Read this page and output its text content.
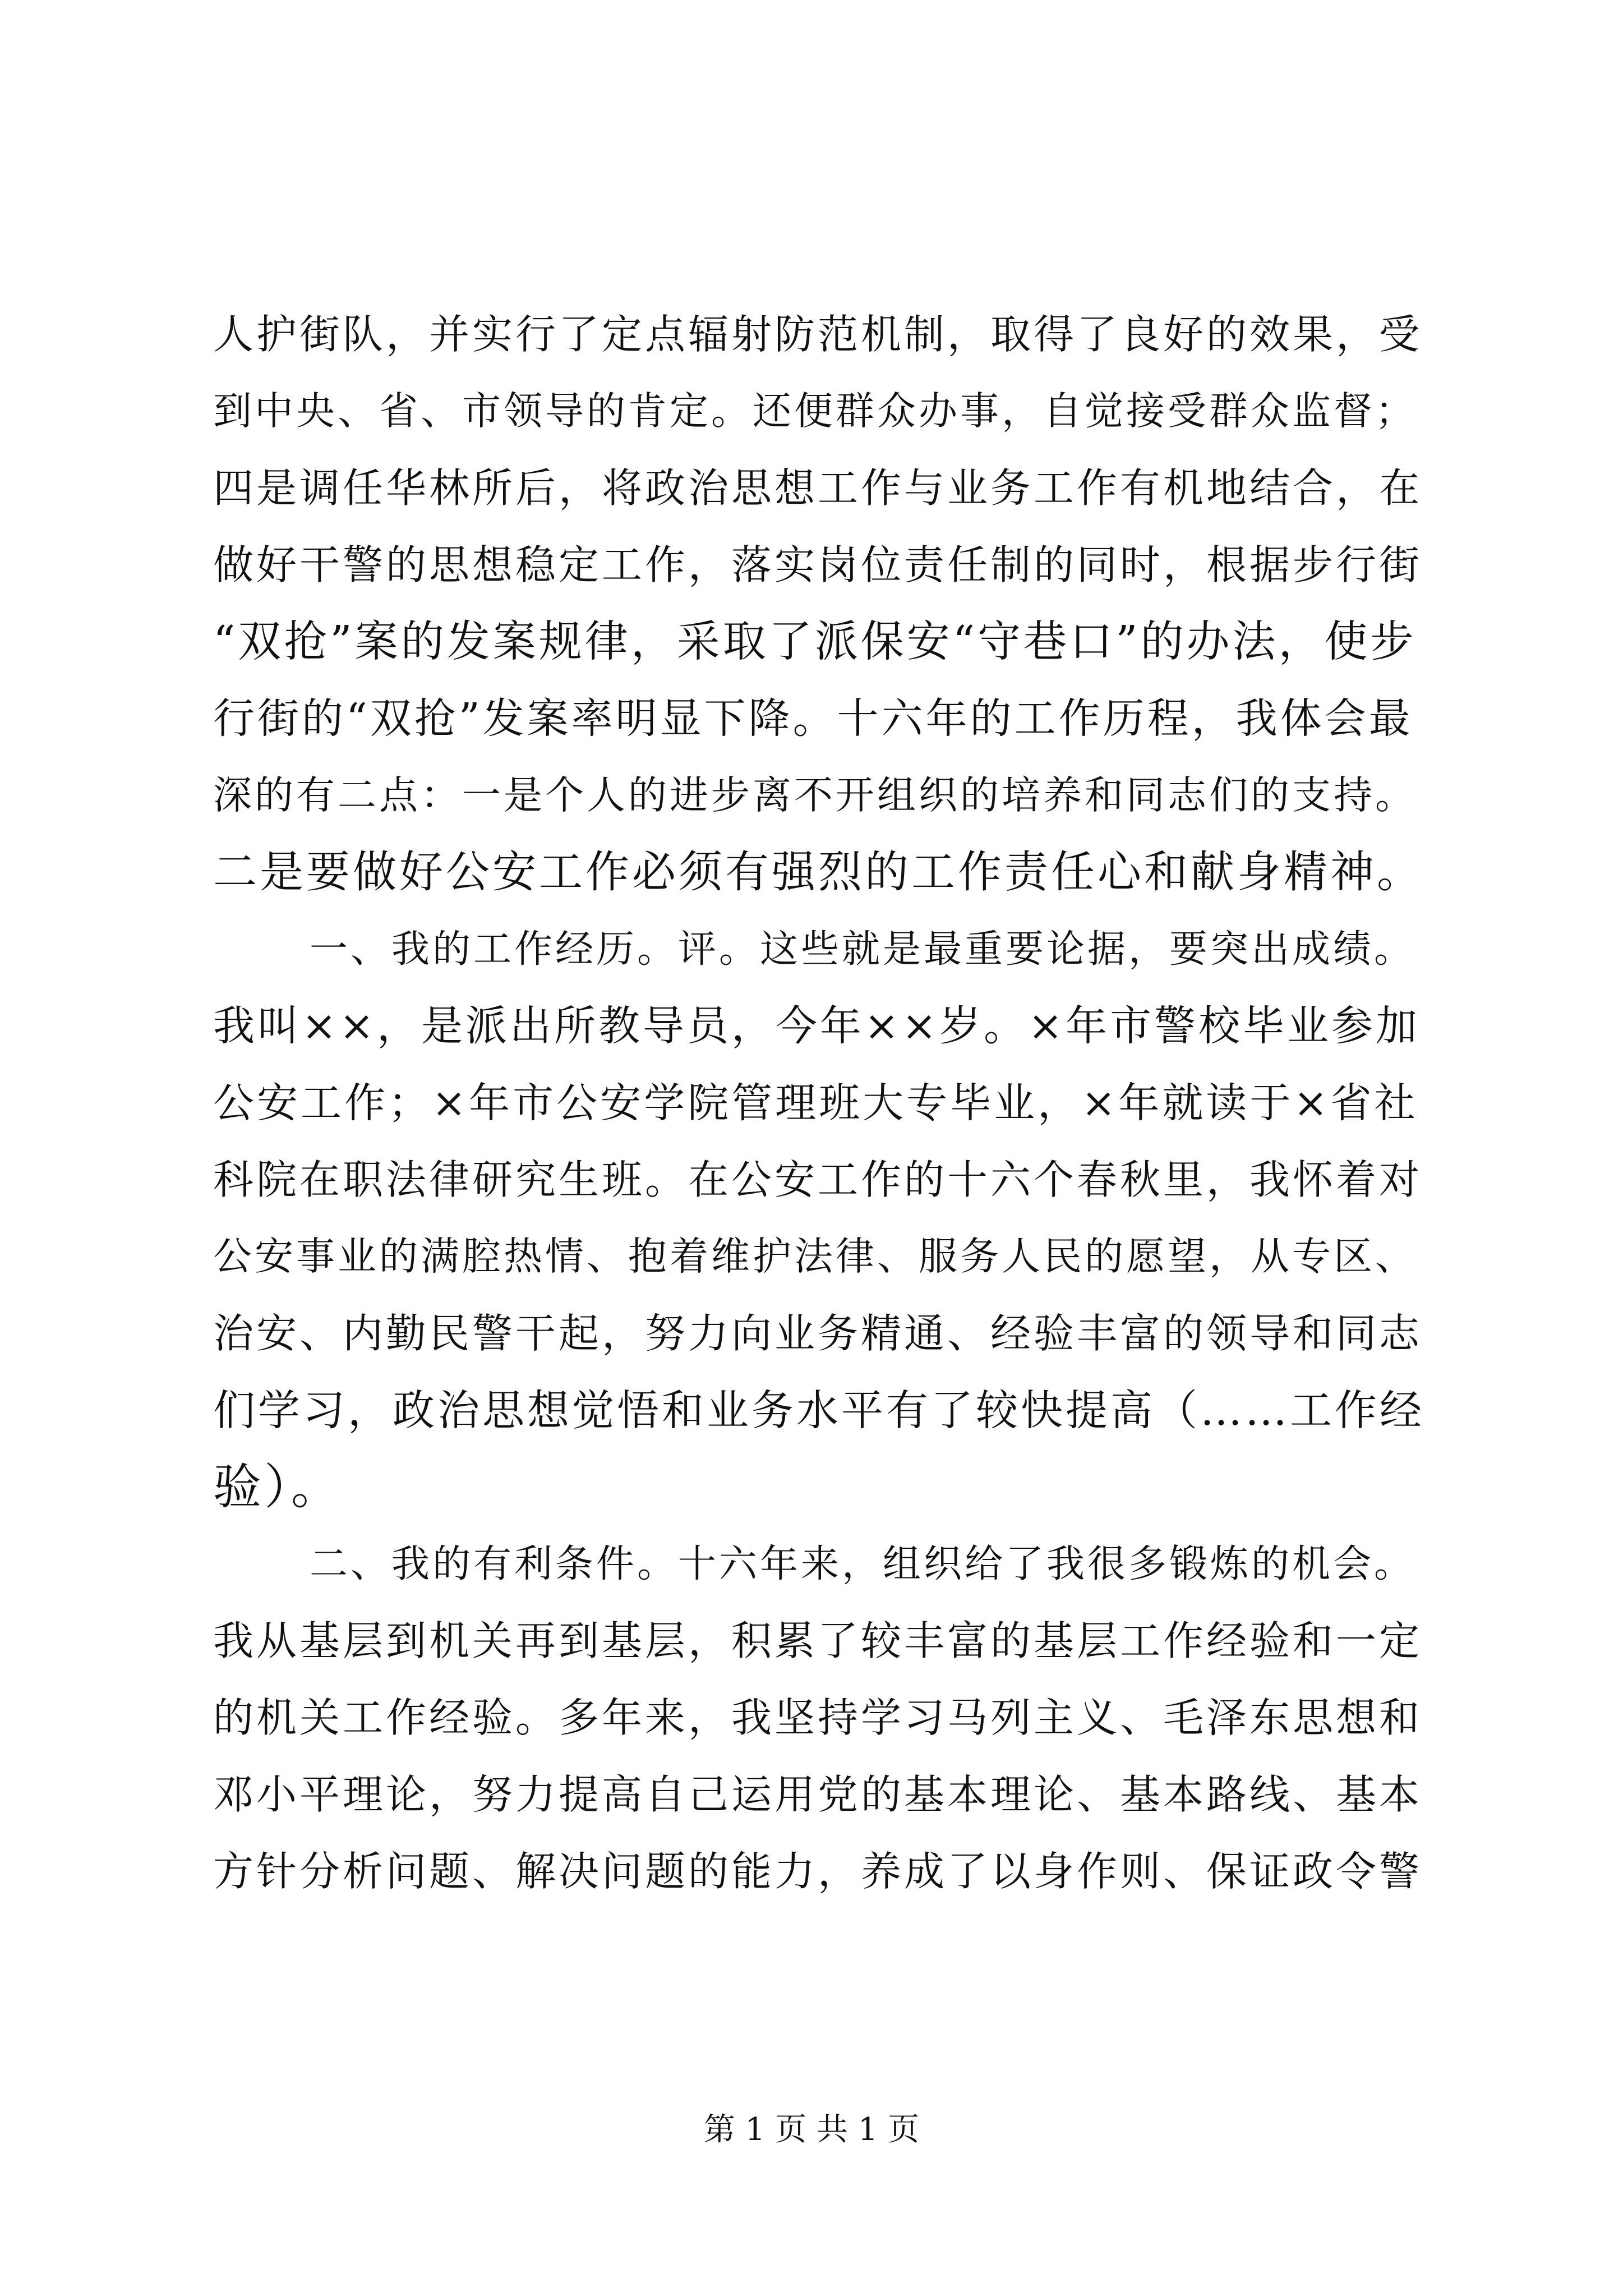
人护街队，并实行了定点辐射防范机制，取得了良好的效果，受
到中央、省、市领导的肯定。还便群众办事，自觉接受群众监督；
四是调任华林所后，将政治思想工作与业务工作有机地结合，在
做好干警的思想稳定工作，落实岗位责任制的同时，根据步行街
“双抢”案的发案规律，采取了派保安“守巷口”的办法，使步
行街的“双抢”发案率明显下降。十六年的工作历程，我体会最
深的有二点：一是个人的进步离不开组织的培养和同志们的支持。
二是要做好公安工作必须有强烈的工作责任心和献身精神。
一、我的工作经历。评。这些就是最重要论据，要突出成绩。
我叫××，是派出所教导员，今年××岁。×年市警校毕业参加
公安工作；×年市公安学院管理班大专毕业，×年就读于×省社
科院在职法律研究生班。在公安工作的十六个春秋里，我怀着对
公安事业的满腔热情、抱着维护法律、服务人民的愿望，从专区、
治安、内勤民警干起，努力向业务精通、经验丰富的领导和同志
们学习，政治思想觉悟和业务水平有了较快提高（……工作经
验）。
二、我的有利条件。十六年来，组织给了我很多锻炼的机会。
我从基层到机关再到基层，积累了较丰富的基层工作经验和一定
的机关工作经验。多年来，我坚持学习马列主义、毛泽东思想和
邓小平理论，努力提高自己运用党的基本理论、基本路线、基本
方针分析问题、解决问题的能力，养成了以身作则、保证政令警
第 1 页 共 1 页
